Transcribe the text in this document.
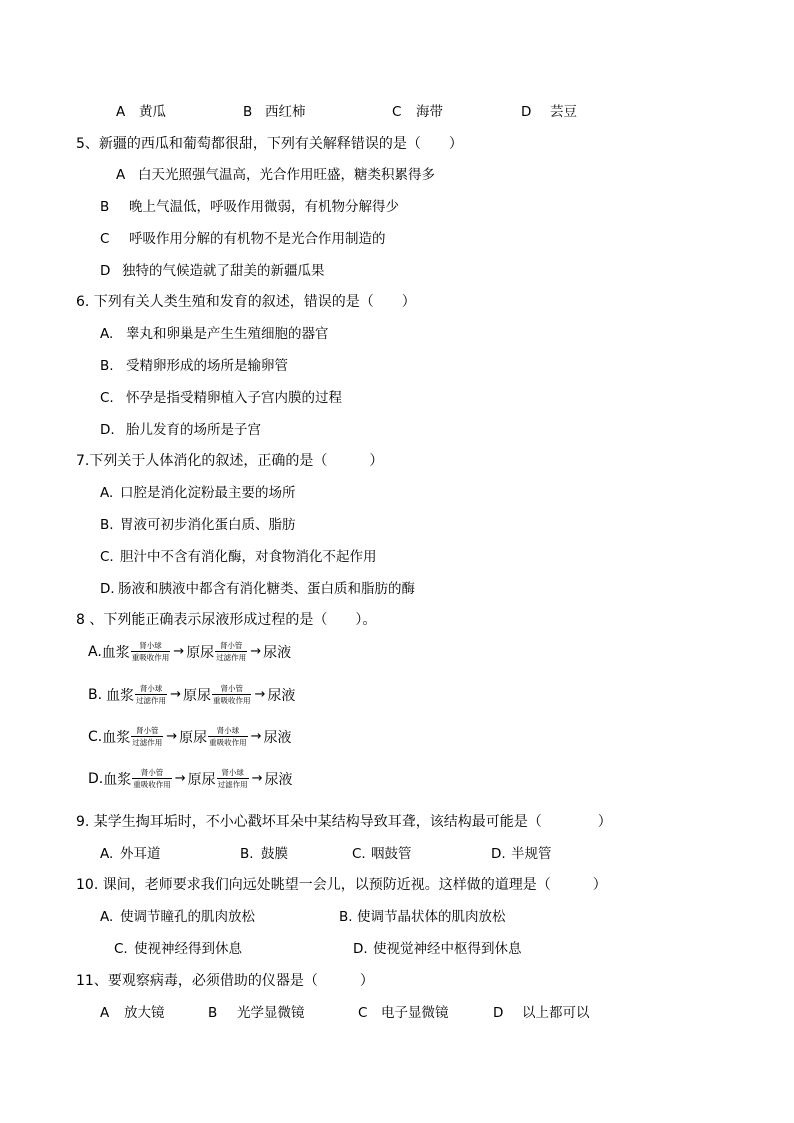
A 黄瓜	B 西红柿	C 海带	D 芸豆
5、新疆的西瓜和葡萄都很甜，下列有关解释错误的是（　　）
A 白天光照强气温高，光合作用旺盛，糖类积累得多
B 晚上气温低，呼吸作用微弱，有机物分解得少
C 呼吸作用分解的有机物不是光合作用制造的
D 独特的气候造就了甜美的新疆瓜果
6. 下列有关人类生殖和发育的叙述，错误的是（　　）
A. 睾丸和卵巢是产生生殖细胞的器官
B. 受精卵形成的场所是输卵管
C. 怀孕是指受精卵植入子宫内膜的过程
D. 胎儿发育的场所是子宫
7.下列关于人体消化的叙述，正确的是（　　　）
A. 口腔是消化淀粉最主要的场所
B. 胃液可初步消化蛋白质、脂肪
C. 胆汁中不含有消化酶，对食物消化不起作用
D．
肠液和胰液中都含有消化糖类、蛋白质和脂肪的酶
8 、下列能正确表示尿液形成过程的是（　　）。
A. 血浆 $\frac{\text{肾小球}}{\text{重吸收作用}}$ → 原尿 $\frac{\text{肾小管}}{\text{过滤作用}}$ → 尿液
B. 血浆 $\frac{\text{肾小球}}{\text{过滤作用}}$ → 原尿 $\frac{\text{肾小管}}{\text{重吸收作用}}$ → 尿液
C. 血浆 $\frac{\text{肾小管}}{\text{过滤作用}}$ → 原尿 $\frac{\text{肾小球}}{\text{重吸收作用}}$ → 尿液
D. 血浆 $\frac{\text{肾小管}}{\text{重吸收作用}}$ → 原尿 $\frac{\text{肾小球}}{\text{过滤作用}}$ → 尿液
9. 某学生掏耳垢时，不小心戳坏耳朵中某结构导致耳聋，该结构最可能是（　　　　）
A. 外耳道	B. 鼓膜	C. 咽鼓管	D. 半规管
10. 课间，老师要求我们向远处眺望一会儿，以预防近视。这样做的道理是（　　　）
A. 使调节瞳孔的肌肉放松	B. 使调节晶状体的肌肉放松
C. 使视神经得到休息	D. 使视觉神经中枢得到休息
11、要观察病毒，必须借助的仪器是（　　　）
A 放大镜	B 光学显微镜	C 电子显微镜	D 以上都可以
